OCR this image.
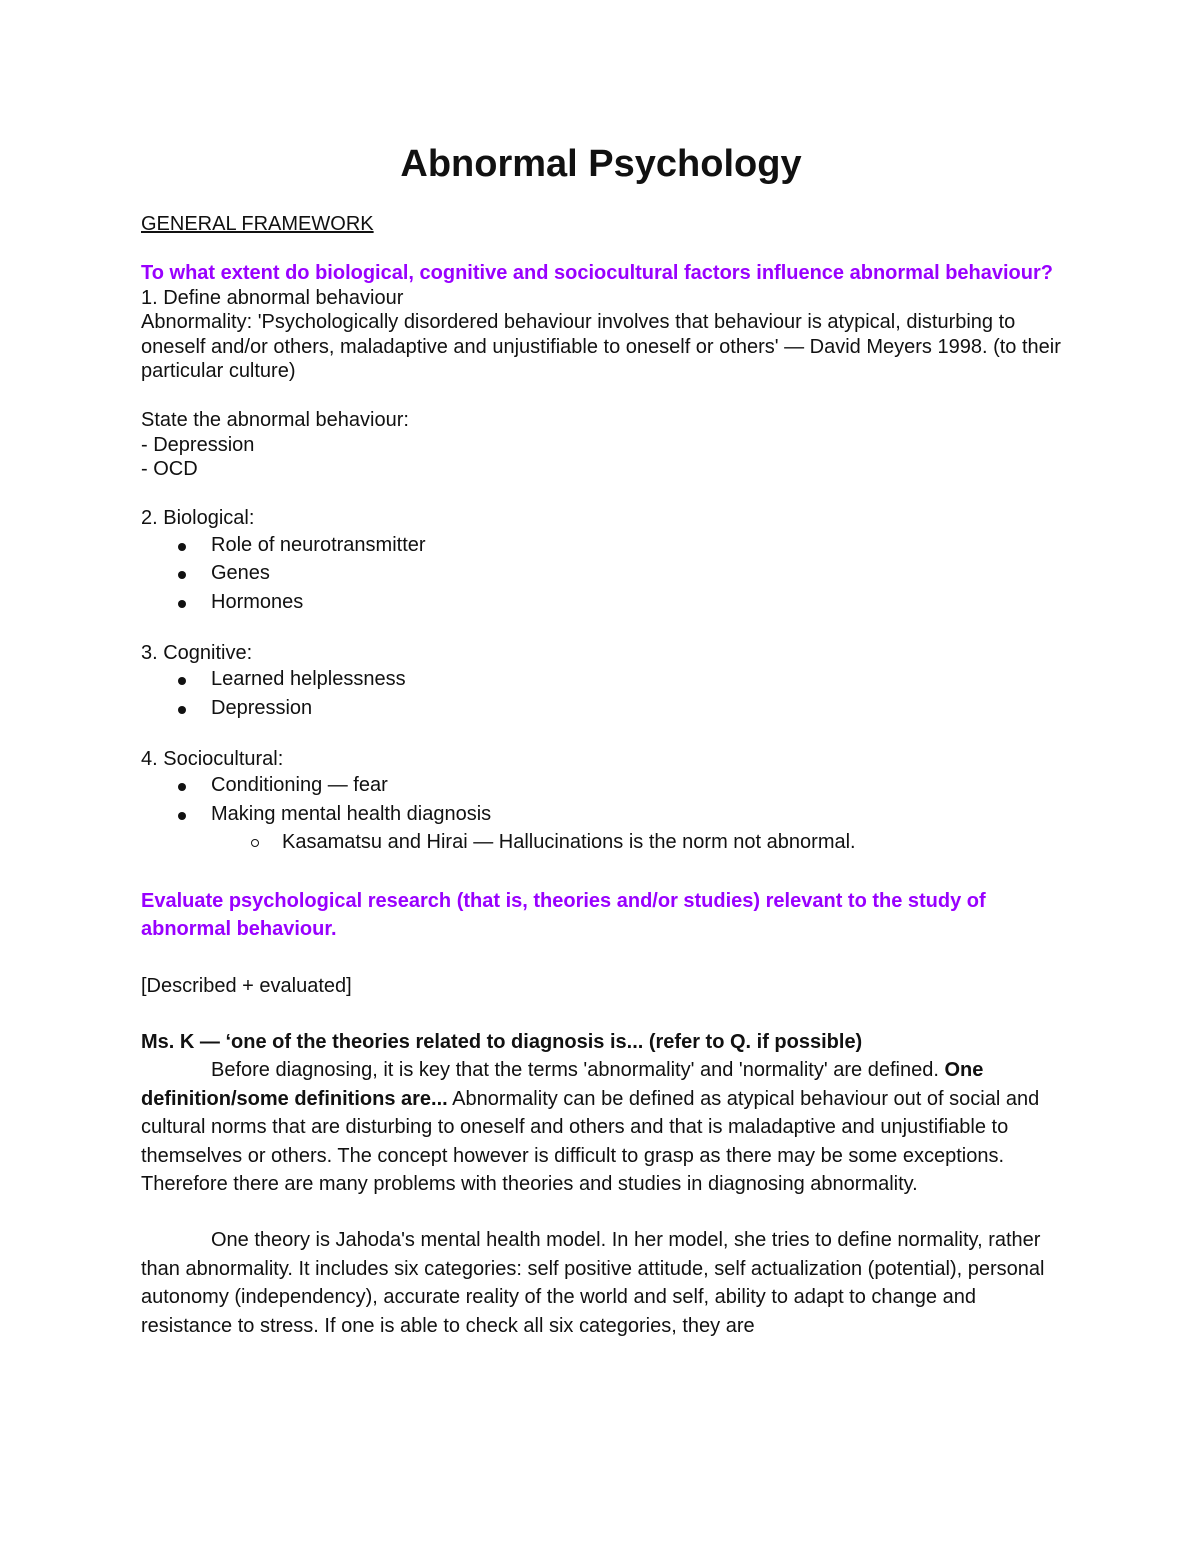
Abnormal Psychology

GENERAL FRAMEWORK

To what extent do biological, cognitive and sociocultural factors influence abnormal behaviour?

1. Define abnormal behaviour

Abnormality: 'Psychologically disordered behaviour involves that behaviour is atypical, disturbing to oneself and/or others, maladaptive and unjustifiable to oneself or others' — David Meyers 1998. (to their particular culture)

State the abnormal behaviour:

- Depression

- OCD

2. Biological:

Role of neurotransmitter
Genes
Hormones

3. Cognitive:

Learned helplessness
Depression

4. Sociocultural:

Conditioning — fear
Making mental health diagnosis
Kasamatsu and Hirai — Hallucinations is the norm not abnormal.

Evaluate psychological research (that is, theories and/or studies) relevant to the study of abnormal behaviour.

[Described + evaluated]

Ms. K — ‘one of the theories related to diagnosis is... (refer to Q. if possible)

Before diagnosing, it is key that the terms 'abnormality' and 'normality' are defined. One definition/some definitions are... Abnormality can be defined as atypical behaviour out of social and cultural norms that are disturbing to oneself and others and that is maladaptive and unjustifiable to themselves or others. The concept however is difficult to grasp as there may be some exceptions. Therefore there are many problems with theories and studies in diagnosing abnormality.

One theory is Jahoda's mental health model. In her model, she tries to define normality, rather than abnormality. It includes six categories: self positive attitude, self actualization (potential), personal autonomy (independency), accurate reality of the world and self, ability to adapt to change and resistance to stress. If one is able to check all six categories, they are
